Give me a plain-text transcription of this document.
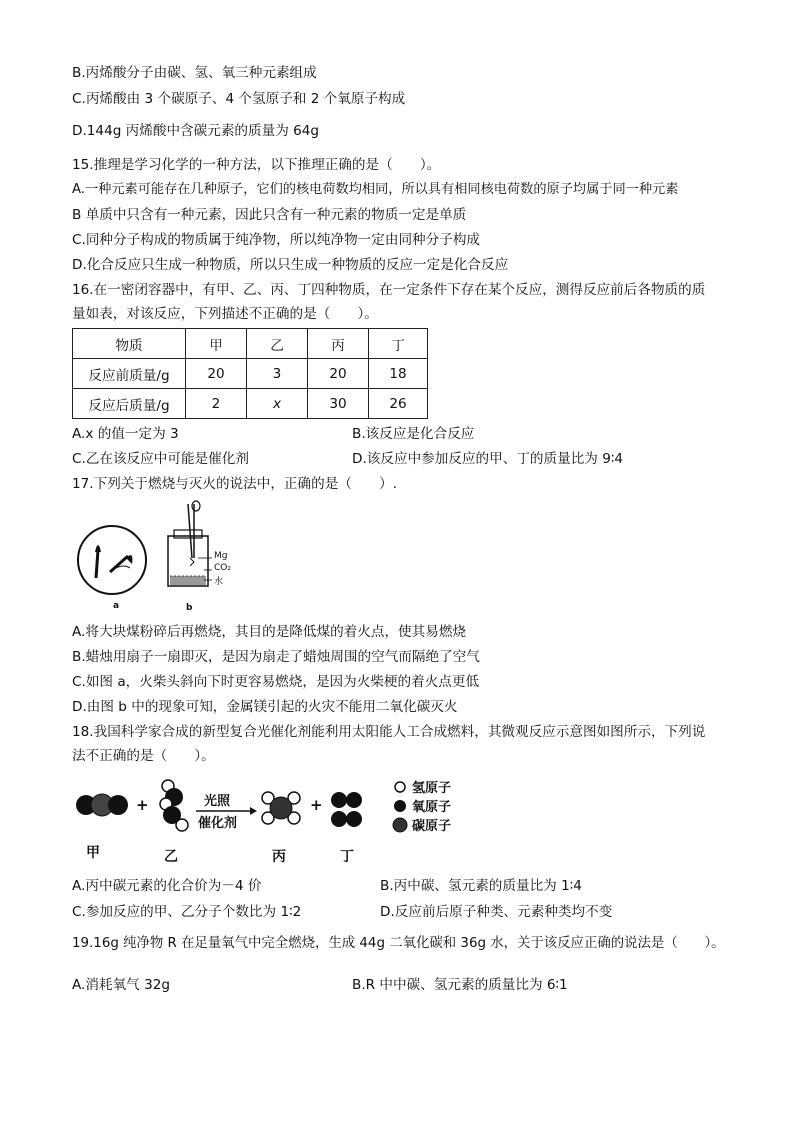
B.丙烯酸分子由碳、氢、氧三种元素组成
C.丙烯酸由 3 个碳原子、4 个氢原子和 2 个氧原子构成
D.144g 丙烯酸中含碳元素的质量为 64g
15.推理是学习化学的一种方法，以下推理正确的是（　　）。
A.一种元素可能存在几种原子，它们的核电荷数均相同，所以具有相同核电荷数的原子均属于同一种元素
B 单质中只含有一种元素，因此只含有一种元素的物质一定是单质
C.同种分子构成的物质属于纯净物，所以纯净物一定由同种分子构成
D.化合反应只生成一种物质，所以只生成一种物质的反应一定是化合反应
16.在一密闭容器中，有甲、乙、丙、丁四种物质，在一定条件下存在某个反应，测得反应前后各物质的质
量如表，对该反应，下列描述不正确的是（　　）。
物质	甲	乙	丙	丁
反应前质量/g	20	3	20	18
反应后质量/g	2	x	30	26
A.x 的值一定为 3	B.该反应是化合反应
C.乙在该反应中可能是催化剂	D.该反应中参加反应的甲、丁的质量比为 9∶4
17.下列关于燃烧与灭火的说法中，正确的是（　　）.
a
Mg
CO₂
水
b
A.将大块煤粉碎后再燃烧，其目的是降低煤的着火点，使其易燃烧
B.蜡烛用扇子一扇即灭，是因为扇走了蜡烛周围的空气而隔绝了空气
C.如图 a，火柴头斜向下时更容易燃烧，是因为火柴梗的着火点更低
D.由图 b 中的现象可知，金属镁引起的火灾不能用二氧化碳灭火
18.我国科学家合成的新型复合光催化剂能利用太阳能人工合成燃料，其微观反应示意图如图所示，下列说
法不正确的是（　　）。
+	光照
催化剂
+
氢原子
氧原子
碳原子
甲	乙	丙	丁
A.丙中碳元素的化合价为－4 价	B.丙中碳、氢元素的质量比为 1∶4
C.参加反应的甲、乙分子个数比为 1∶2	D.反应前后原子种类、元素种类均不变
19.16g 纯净物 R 在足量氧气中完全燃烧，生成 44g 二氧化碳和 36g 水，关于该反应正确的说法是（　　）。
A.消耗氧气 32g	B.R 中中碳、氢元素的质量比为 6∶1
